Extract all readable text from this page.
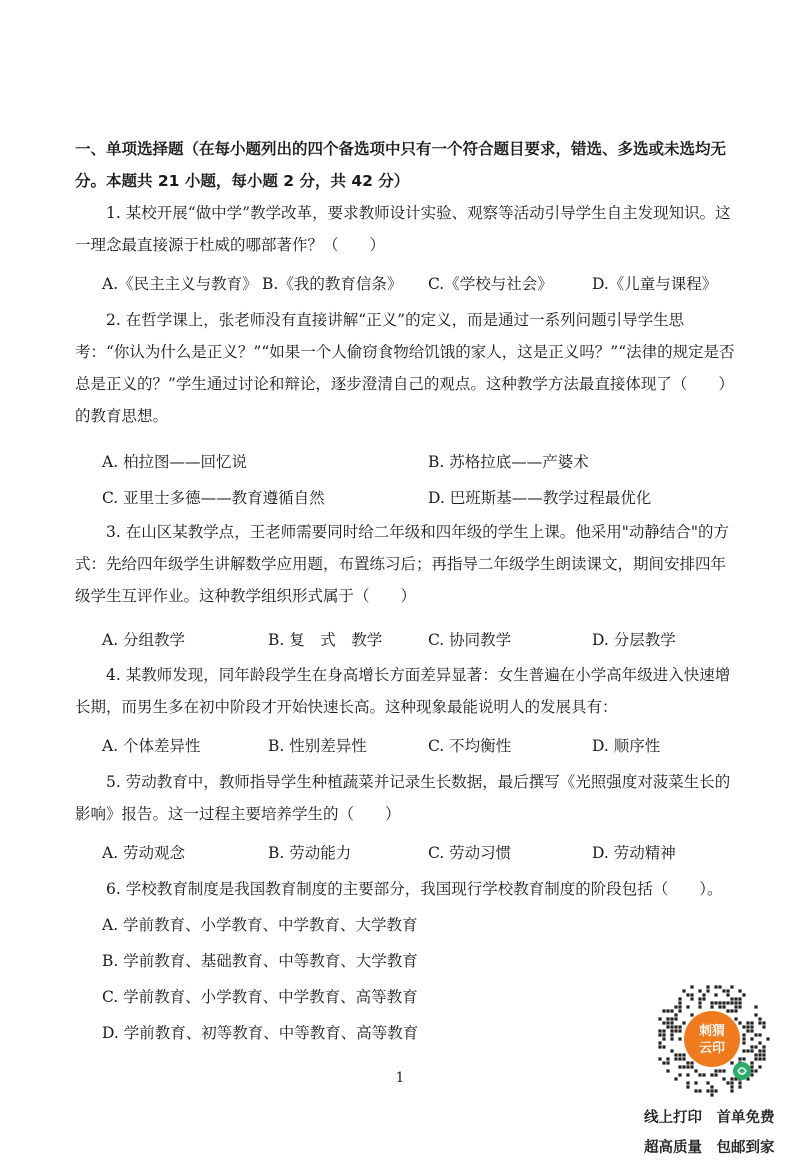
一、单项选择题（在每小题列出的四个备选项中只有一个符合题目要求，错选、多选或未选均无分。本题共 21 小题，每小题 2 分，共 42 分）

1. 某校开展“做中学”教学改革，要求教师设计实验、观察等活动引导学生自主发现知识。这一理念最直接源于杜威的哪部著作？（　　）

A.《民主主义与教育》 B.《我的教育信条》 C.《学校与社会》	D.《儿童与课程》

2. 在哲学课上，张老师没有直接讲解“正义”的定义，而是通过一系列问题引导学生思考：“你认为什么是正义？”“如果一个人偷窃食物给饥饿的家人，这是正义吗？”“法律的规定是否总是正义的？”学生通过讨论和辩论，逐步澄清自己的观点。这种教学方法最直接体现了（　　）的教育思想。

A. 柏拉图——回忆说	B. 苏格拉底——产婆术
C. 亚里士多德——教育遵循自然	D. 巴班斯基——教学过程最优化

3. 在山区某教学点，王老师需要同时给二年级和四年级的学生上课。他采用"动静结合"的方式：先给四年级学生讲解数学应用题，布置练习后；再指导二年级学生朗读课文，期间安排四年级学生互评作业。这种教学组织形式属于（　　）

A. 分组教学	B. 复　式　教学	C. 协同教学	D. 分层教学

4. 某教师发现，同年龄段学生在身高增长方面差异显著：女生普遍在小学高年级进入快速增长期，而男生多在初中阶段才开始快速长高。这种现象最能说明人的发展具有：

A. 个体差异性	B. 性别差异性	C. 不均衡性	D. 顺序性

5. 劳动教育中，教师指导学生种植蔬菜并记录生长数据，最后撰写《光照强度对菠菜生长的影响》报告。这一过程主要培养学生的（　　）

A. 劳动观念	B. 劳动能力	C. 劳动习惯	D. 劳动精神

6. 学校教育制度是我国教育制度的主要部分，我国现行学校教育制度的阶段包括（　　）。

A. 学前教育、小学教育、中学教育、大学教育
B. 学前教育、基础教育、中等教育、大学教育
C. 学前教育、小学教育、中学教育、高等教育
D. 学前教育、初等教育、中等教育、高等教育

1

刺猬
云印

线上打印　首单免费

超高质量　包邮到家
